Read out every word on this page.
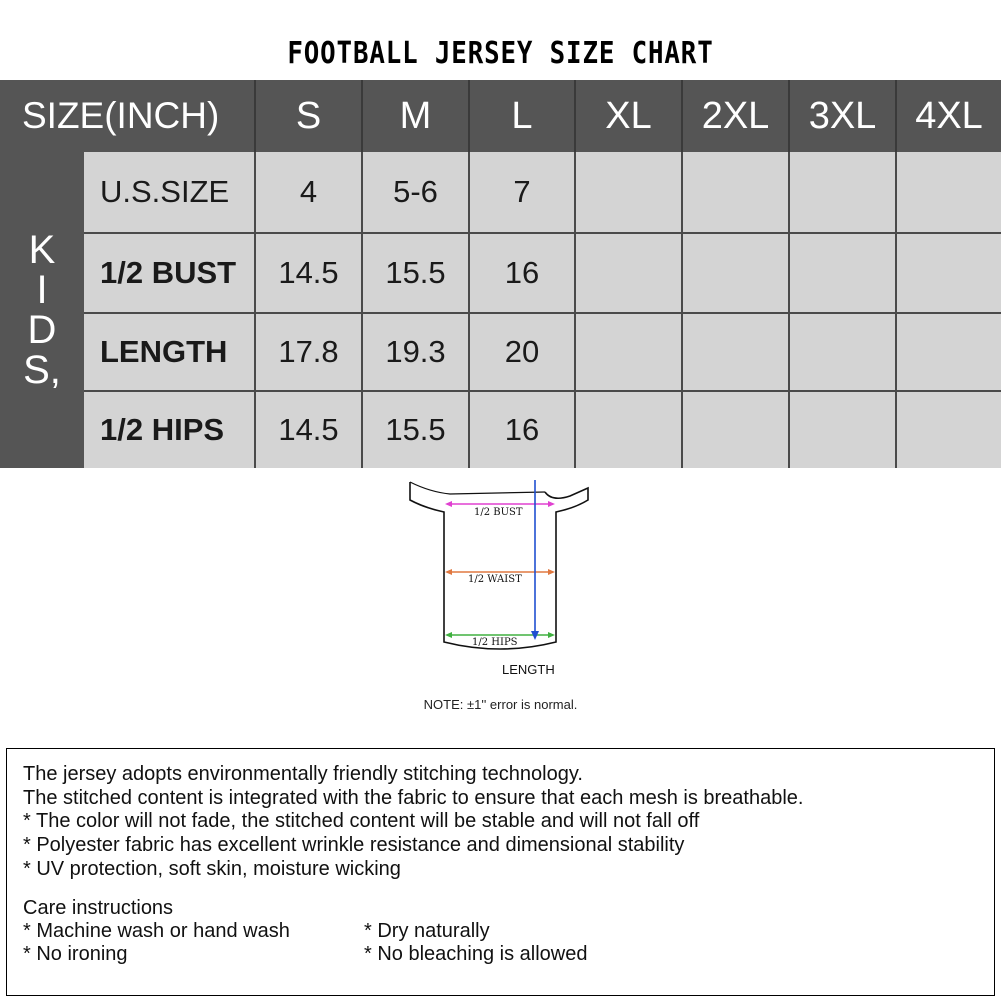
FOOTBALL JERSEY SIZE CHART
SIZE(INCH)	S	M	L	XL	2XL	3XL	4XL
K
I
D
S,
U.S.SIZE	4	5-6	7
1/2 BUST	14.5	15.5	16
LENGTH	17.8	19.3	20
1/2 HIPS	14.5	15.5	16
1/2 BUST
1/2 WAIST
1/2 HIPS
LENGTH
NOTE: ±1'' error is normal.
The jersey adopts environmentally friendly stitching technology.
The stitched content is integrated with the fabric to ensure that each mesh is breathable.
* The color will not fade, the stitched content will be stable and will not fall off
* Polyester fabric has excellent wrinkle resistance and dimensional stability
* UV protection, soft skin, moisture wicking
Care instructions
* Machine wash or hand wash
* No ironing
* Dry naturally
* No bleaching is allowed
